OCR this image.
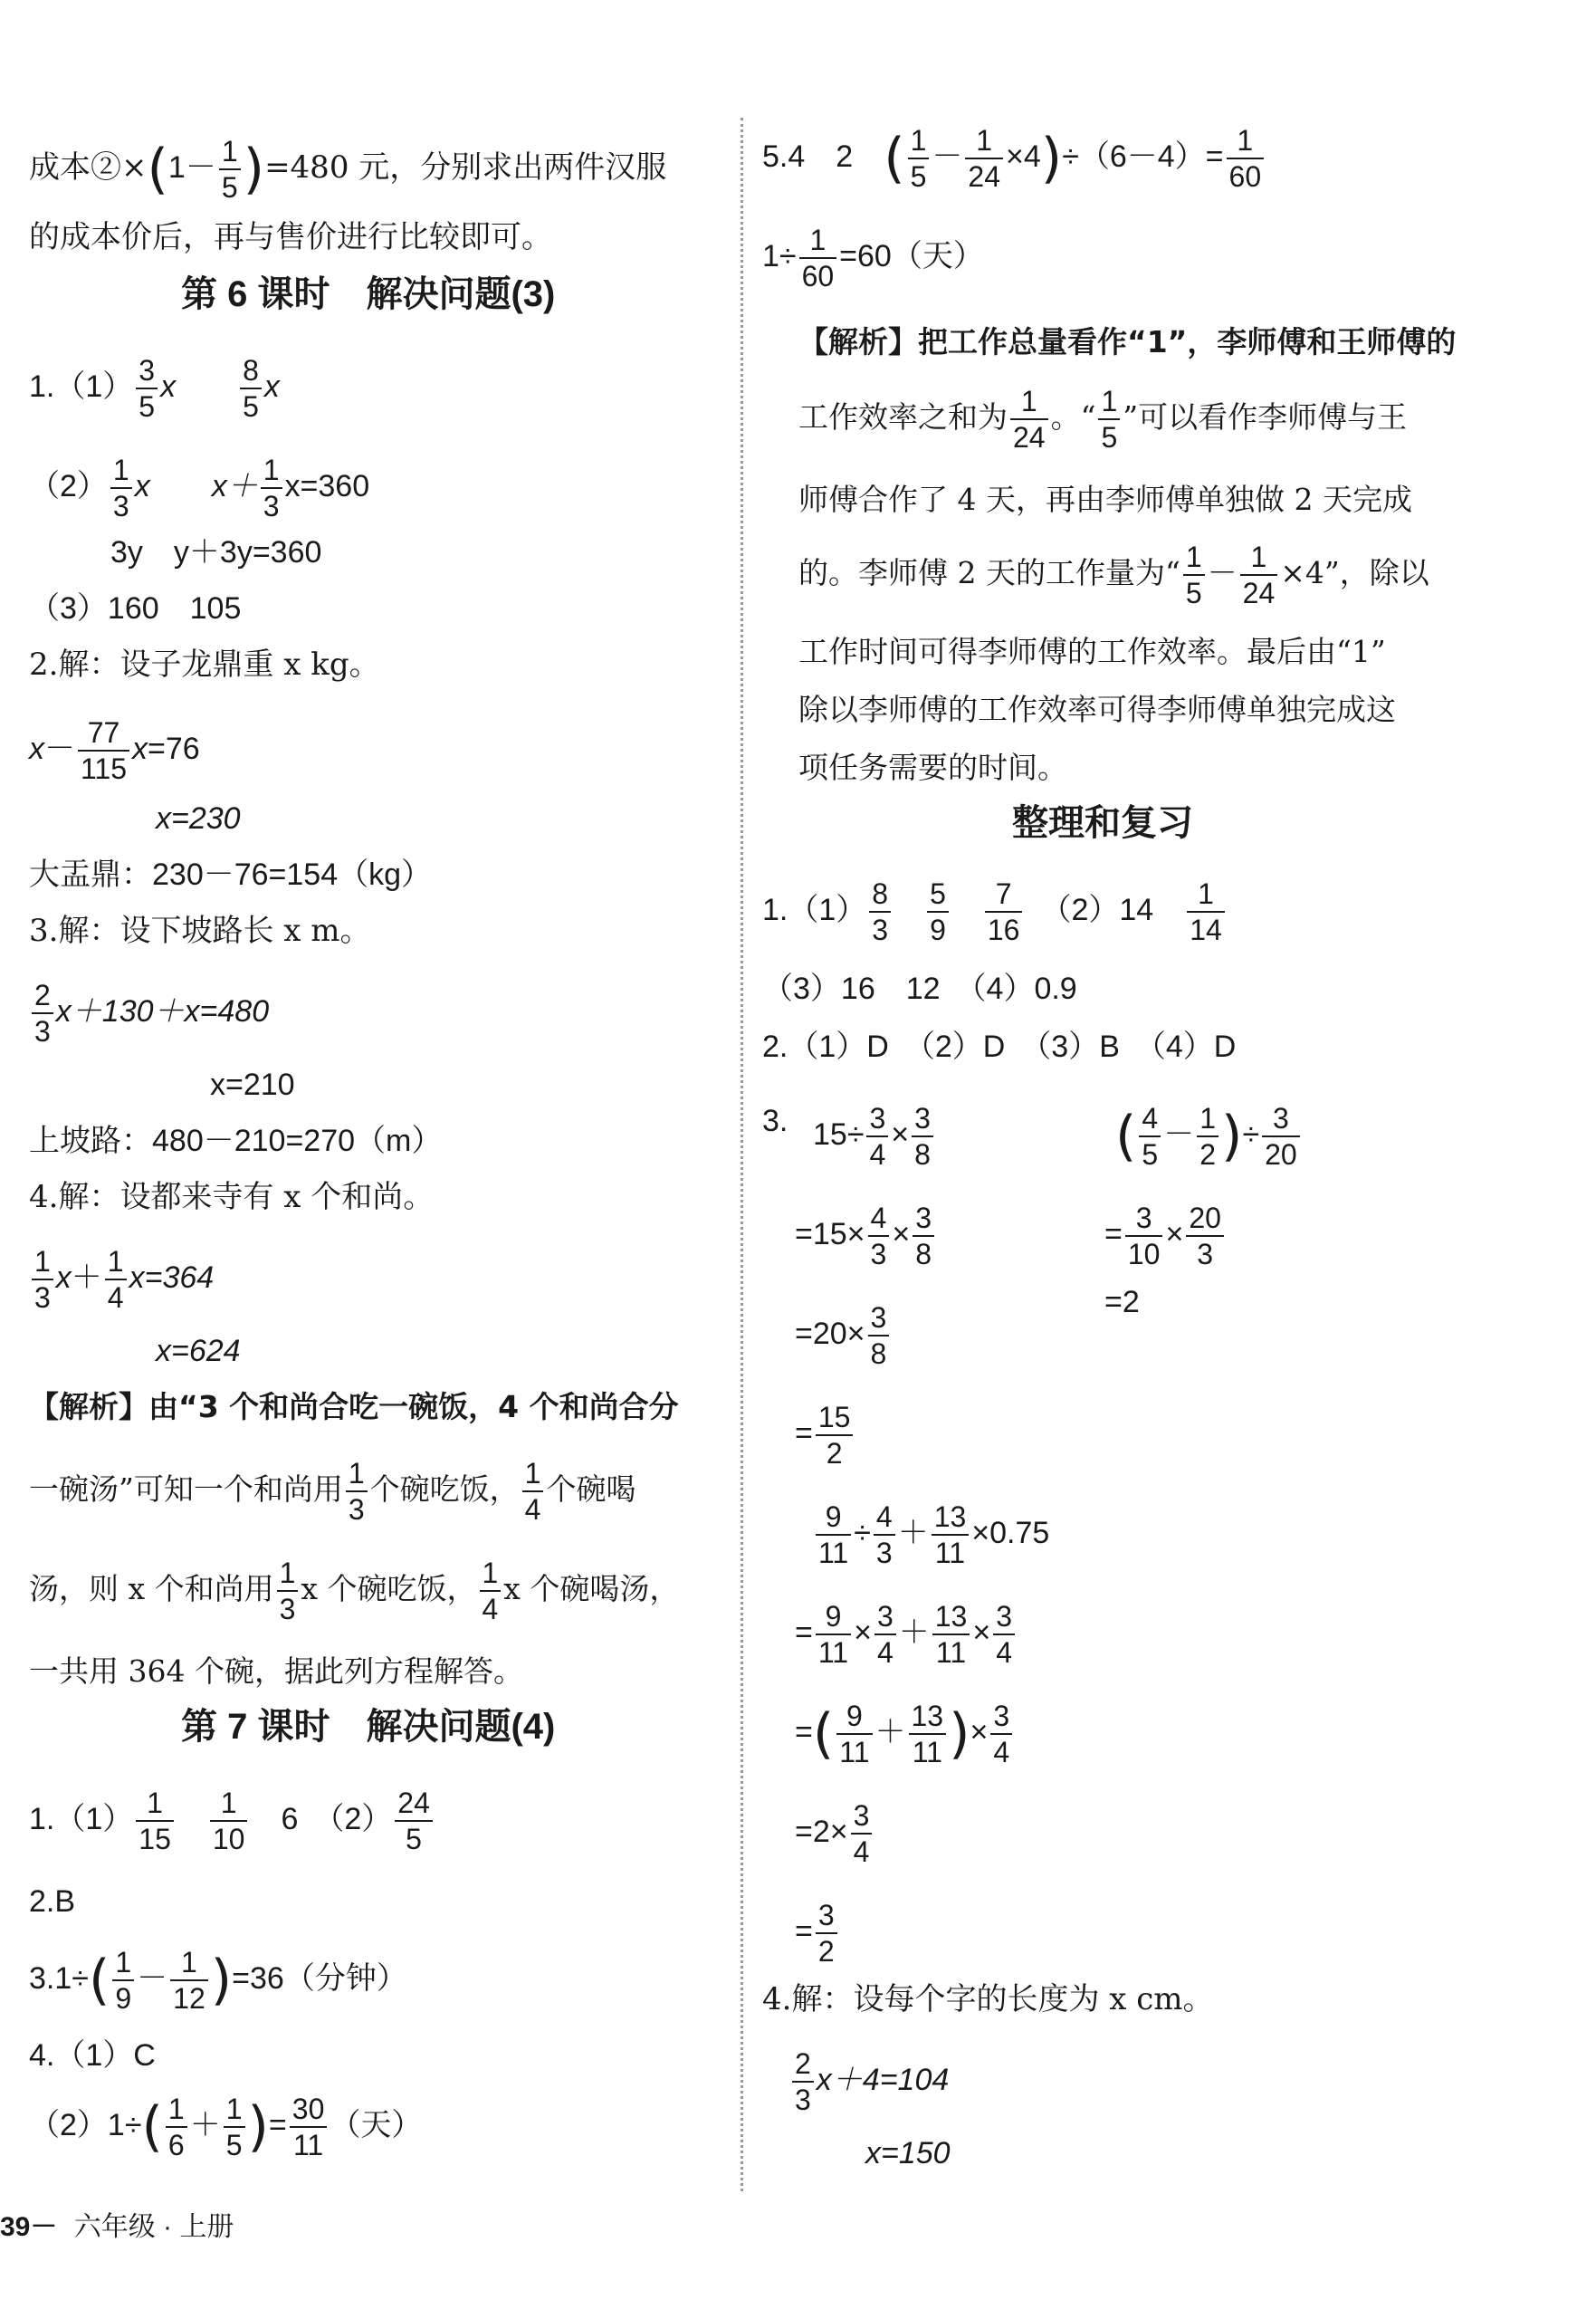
成本②×(1－ $\frac{1}{5} )=480$ 元，分别求出两件汉服
的成本价后，再与售价进行比较即可。
第 6 课时　解决问题(3)
$1.(1) \frac{3}{5}$ x　　 $\frac{8}{5}$ x
$(2) \frac{1}{3}$ x　　 $x+ \frac{1}{3} x=360$
3y　y＋3y=360
（3）160　105
2.解：设子龙鼎重 x kg。
$x- \frac{77}{115} x=76$
x=230
大盂鼎：230－76=154（kg）
3.解：设下坡路长 x m。
$\frac{2}{3} x+130+x=480$
x=210
上坡路：480－210=270（m）
4.解：设都来寺有 x 个和尚。
$\frac{1}{3} x+ \frac{1}{4} x=364$
x=624
【解析】由“3 个和尚合吃一碗饭，4 个和尚合分
一碗汤”可知一个和尚用 $\frac{1}{3}$ 个碗吃饭， $\frac{1}{4}$ 个碗喝
汤，则 x 个和尚用 $\frac{1}{3}$ x 个碗吃饭， $\frac{1}{4}$ x 个碗喝汤，
一共用 364 个碗，据此列方程解答。
第 7 课时　解决问题(4)
$1.(1) \frac{1}{15}$
　 $\frac{1}{10}$
　 6　$(2) \frac{24}{5}$
2.B
$3.1\div( \frac{1}{9} - \frac{1}{12} )=36$（分钟）
4.（1）C
$(2)1\div( \frac{1}{6} + \frac{1}{5}$ )= $\frac{30}{11}$ （天）
5.4　2　 ( $\frac{1}{5} - \frac{1}{24} \times 4)\div(6-4)= \frac{1}{60}$
$1\div \frac{1}{60} =60$（天）
【解析】把工作总量看作“1”，李师傅和王师傅的
工作效率之和为 $\frac{1}{24}$ 。“ $\frac{1}{5}$ ”可以看作李师傅与王
师傅合作了 4 天，再由李师傅单独做 2 天完成
的。李师傅 2 天的工作量为“ $\frac{1}{5} - \frac{1}{24} \times 4$”，除以
工作时间可得李师傅的工作效率。最后由“1”
除以李师傅的工作效率可得李师傅单独完成这
项任务需要的时间。
整理和复习
$1.(1) \frac{8}{3}$
　 $\frac{5}{9}$
　 $\frac{7}{16}$
　 （2）14　 $\frac{1}{14}$
（3）16　12　（4）0.9
2.（1）D　（2）D　（3）B　（4）D
3. $15\div \frac{3}{4} \times \frac{3}{8}$
$=15\times \frac{4}{3} \times \frac{3}{8}$
$=20\times \frac{3}{8}$
= $\frac{15}{2}$
( $\frac{4}{5} - \frac{1}{2}$ )÷ $\frac{3}{20}$
= $\frac{3}{10} \times \frac{20}{3}$
=2
$\frac{9}{11} \div \frac{4}{3} + \frac{13}{11} \times 0.75$
= $\frac{9}{11} \times \frac{3}{4} + \frac{13}{11} \times \frac{3}{4}$
=( $\frac{9}{11} + \frac{13}{11}$ )× $\frac{3}{4}$
$=2\times \frac{3}{4}$
= $\frac{3}{2}$
4.解：设每个字的长度为 x cm。
$\frac{2}{3} x+4=104$
x=150
39－ 六年级 · 上册
